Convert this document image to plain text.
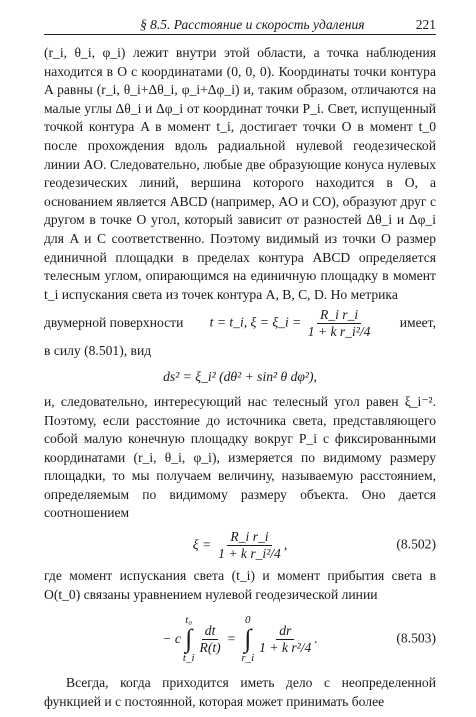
§ 8.5. Расстояние и скорость удаления	221

(r_i, θ_i, φ_i) лежит внутри этой области, а точка наблюдения находится в O с координатами (0, 0, 0). Координаты точки контура A равны (r_i, θ_i+Δθ_i, φ_i+Δφ_i) и, таким образом, отличаются на малые углы Δθ_i и Δφ_i от координат точки P_i. Свет, испущенный точкой контура A в момент t_i, достигает точки O в момент t_0 после прохождения вдоль радиальной нулевой геодезической линии AO. Следовательно, любые две образующие конуса нулевых геодезических линий, вершина которого находится в O, а основанием является ABCD (например, AO и CO), образуют друг с другом в точке O угол, который зависит от разностей Δθ_i и Δφ_i для A и C соответственно. Поэтому видимый из точки O размер единичной площадки в пределах контура ABCD определяется телесным углом, опирающимся на единичную площадку в момент t_i испускания света из точек контура A, B, C, D. Но метрика

двумерной поверхности t = t_i, ξ = ξ_i = $\frac{\text{R\_i r\_i}}{\text{1 + k r\_i²/4}}$ имеет,

в силу (8.501), вид

ds² = ξ_i² (dθ² + sin² θ dφ²),

и, следовательно, интересующий нас телесный угол равен ξ_i⁻². Поэтому, если расстояние до источника света, представляющего собой малую конечную площадку вокруг P_i с фиксированными координатами (r_i, θ_i, φ_i), измеряется по видимому размеру площадки, то мы получаем величину, называемую расстоянием, определяемым по видимому размеру объекта. Оно дается соотношением

$\xi = \frac{\text{R\_i r\_i}}{\text{1 + k r\_i²/4}}$ ,	(8.502)

где момент испускания света (t_i) и момент прибытия света в O(t_0) связаны уравнением нулевой геодезической линии

− c
t₀
∫
t_i
$\frac{dt}{R(t)}$ =
0
∫
r_i
$\frac{dr}{\text{1 + k r²/4}}$ .	(8.503)

Всегда, когда приходится иметь дело с неопределенной функцией и с постоянной, которая может принимать более
